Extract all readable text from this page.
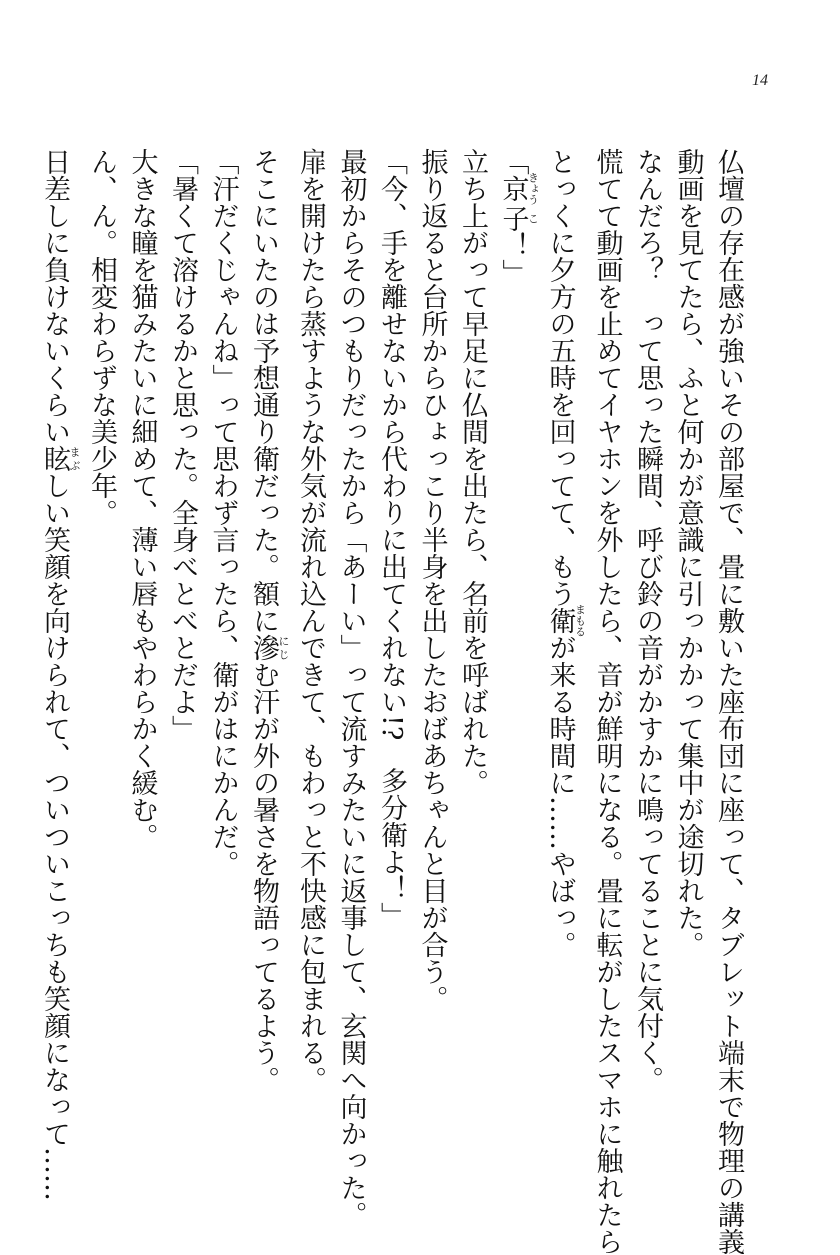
14

仏壇の存在感が強いその部屋で、畳に敷いた座布団に座って、タブレット端末で物理の講義

動画を見てたら、ふと何かが意識に引っかかって集中が途切れた。

なんだろ？　って思った瞬間、呼び鈴の音がかすかに鳴ってることに気付く。

慌てて動画を止めてイヤホンを外したら、音が鮮明になる。畳に転がしたスマホに触れたら

とっくに夕方の五時を回ってて、もう衛まもるが来る時間に……やばっ。

「京きょう子こ！」

立ち上がって早足に仏間を出たら、名前を呼ばれた。

振り返ると台所からひょっこり半身を出したおばあちゃんと目が合う。

「今、手を離せないから代わりに出てくれない!?　多分衛よ！」

最初からそのつもりだったから「あーい」って流すみたいに返事して、玄関へ向かった。

扉を開けたら蒸すような外気が流れ込んできて、もわっと不快感に包まれる。

そこにいたのは予想通り衛だった。額に滲にじむ汗が外の暑さを物語ってるよう。

「汗だくじゃんね」って思わず言ったら、衛がはにかんだ。

「暑くて溶けるかと思った。全身べとべとだよ」

大きな瞳を猫みたいに細めて、薄い唇もやわらかく緩む。

ん、ん。相変わらずな美少年。

日差しに負けないくらい眩まぶしい笑顔を向けられて、ついついこっちも笑顔になって……
